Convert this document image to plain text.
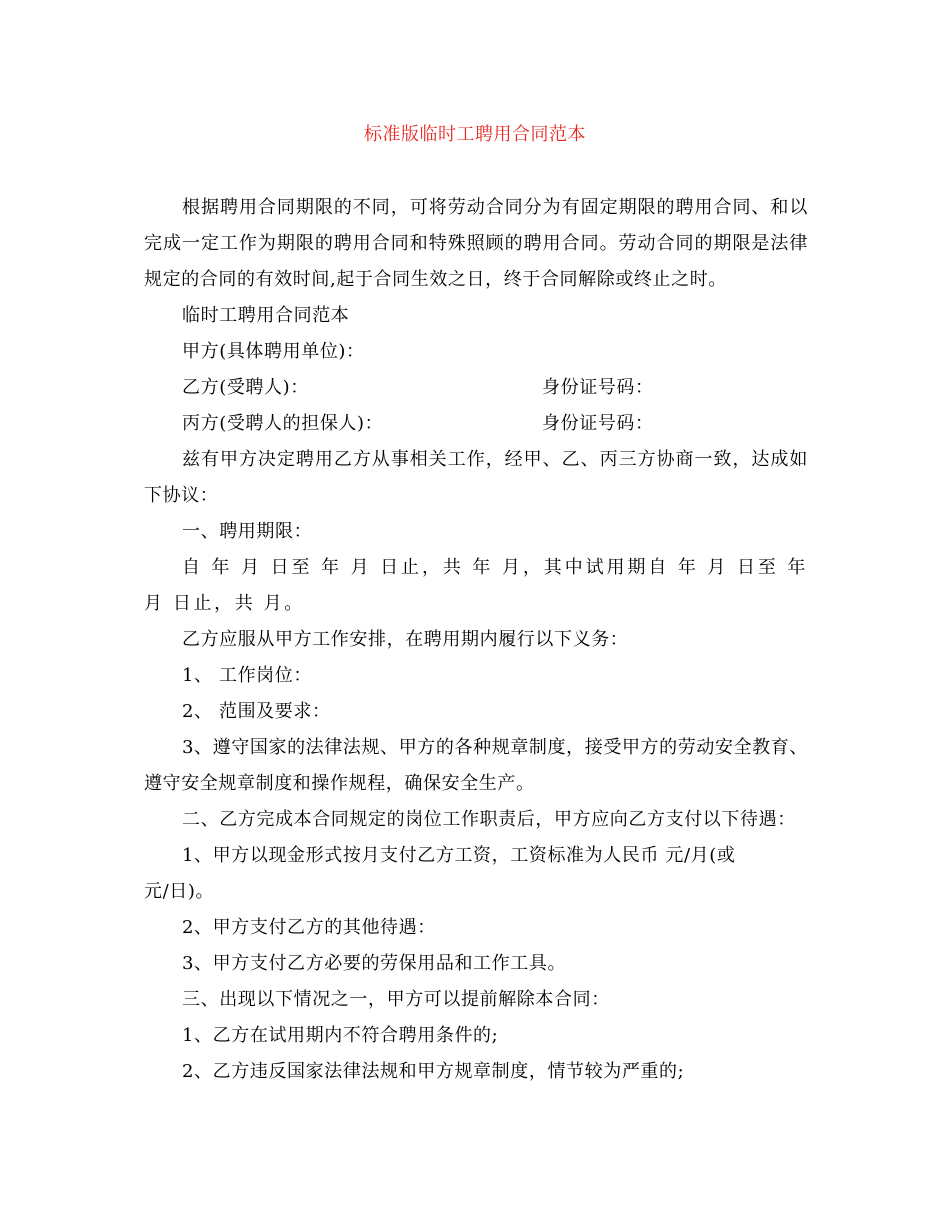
标准版临时工聘用合同范本

根据聘用合同期限的不同，可将劳动合同分为有固定期限的聘用合同、和以完成一定工作为期限的聘用合同和特殊照顾的聘用合同。劳动合同的期限是法律规定的合同的有效时间,起于合同生效之日，终于合同解除或终止之时。

临时工聘用合同范本

甲方(具体聘用单位)：

乙方(受聘人)：	身份证号码：
丙方(受聘人的担保人)：	身份证号码：

兹有甲方决定聘用乙方从事相关工作，经甲、乙、丙三方协商一致，达成如下协议：

一、聘用期限：

自 年 月 日至 年 月 日止，共 年 月，其中试用期自 年 月 日至 年 月 日止，共 月。

乙方应服从甲方工作安排，在聘用期内履行以下义务：

1、 工作岗位：

2、 范围及要求：

3、遵守国家的法律法规、甲方的各种规章制度，接受甲方的劳动安全教育、遵守安全规章制度和操作规程，确保安全生产。

二、乙方完成本合同规定的岗位工作职责后，甲方应向乙方支付以下待遇：

1、甲方以现金形式按月支付乙方工资，工资标准为人民币 元/月(或

元/日)。

2、甲方支付乙方的其他待遇：

3、甲方支付乙方必要的劳保用品和工作工具。

三、出现以下情况之一，甲方可以提前解除本合同：

1、乙方在试用期内不符合聘用条件的;

2、乙方违反国家法律法规和甲方规章制度，情节较为严重的;
